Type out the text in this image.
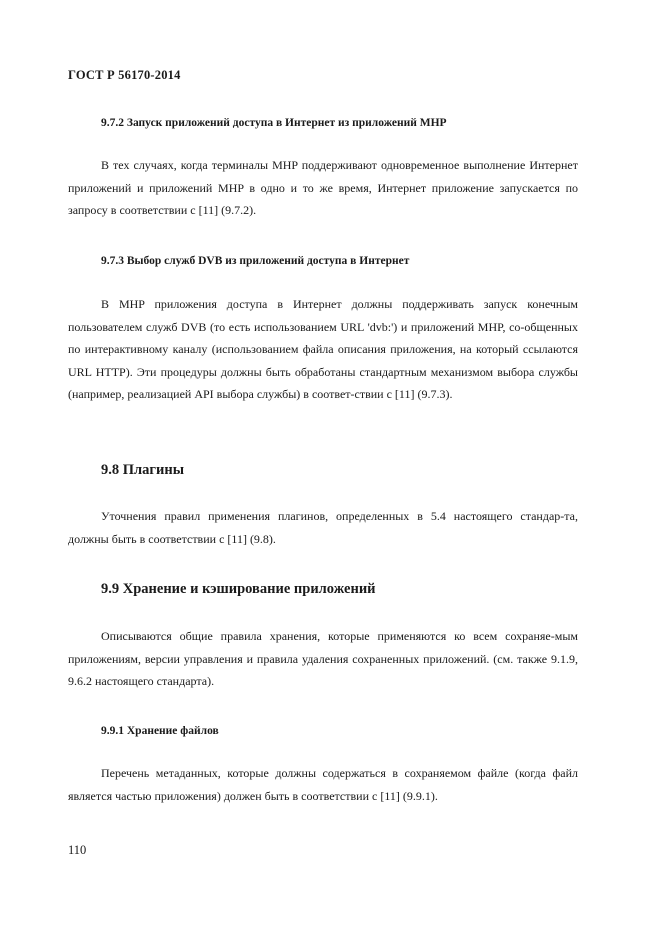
ГОСТ Р 56170-2014
9.7.2 Запуск приложений доступа в Интернет из приложений MHP

В тех случаях, когда терминалы MHP поддерживают одновременное выполнение Интернет приложений и приложений MHP в одно и то же время, Интернет приложение запускается по запросу в соответствии с [11] (9.7.2).

9.7.3 Выбор служб DVB из приложений доступа в Интернет

В MHP приложения доступа в Интернет должны поддерживать запуск конечным пользователем служб DVB (то есть использованием URL 'dvb:') и приложений MHP, со-общенных по интерактивному каналу (использованием файла описания приложения, на который ссылаются URL HTTP). Эти процедуры должны быть обработаны стандартным механизмом выбора службы (например, реализацией API выбора службы) в соответ-ствии с [11] (9.7.3).

9.8 Плагины

Уточнения правил применения плагинов, определенных в 5.4 настоящего стандар-та, должны быть в соответствии с [11] (9.8).

9.9 Хранение и кэширование приложений

Описываются общие правила хранения, которые применяются ко всем сохраняе-мым приложениям, версии управления и правила удаления сохраненных приложений. (см. также 9.1.9, 9.6.2 настоящего стандарта).

9.9.1 Хранение файлов

Перечень метаданных, которые должны содержаться в сохраняемом файле (когда файл является частью приложения) должен быть в соответствии с [11] (9.9.1).

110
